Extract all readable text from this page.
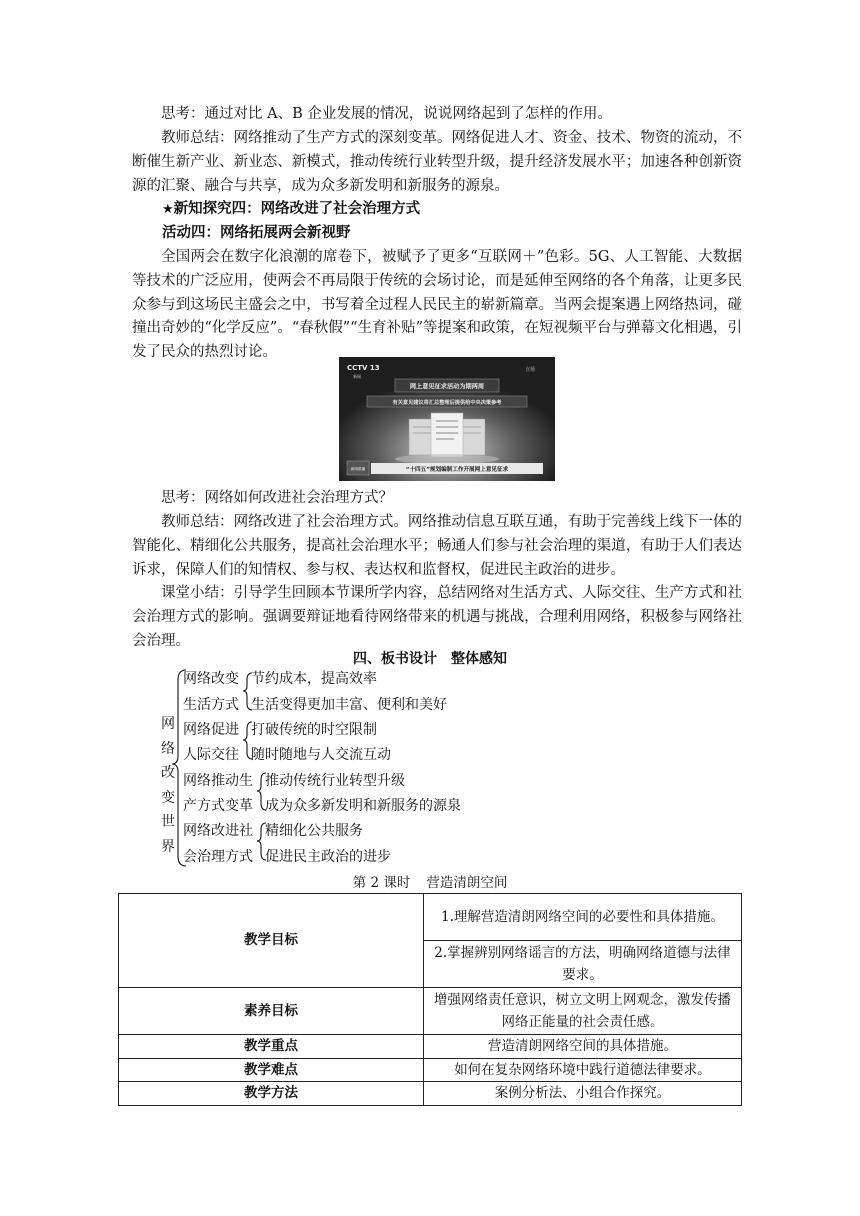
思考：通过对比 A、B 企业发展的情况，说说网络起到了怎样的作用。

教师总结：网络推动了生产方式的深刻变革。网络促进人才、资金、技术、物资的流动，不断催生新产业、新业态、新模式，推动传统行业转型升级，提升经济发展水平；加速各种创新资源的汇聚、融合与共享，成为众多新发明和新服务的源泉。

★新知探究四：网络改进了社会治理方式

活动四：网络拓展两会新视野

全国两会在数字化浪潮的席卷下，被赋予了更多“互联网＋”色彩。5G、人工智能、大数据等技术的广泛应用，使两会不再局限于传统的会场讨论，而是延伸至网络的各个角落，让更多民众参与到这场民主盛会之中，书写着全过程人民民主的崭新篇章。当两会提案遇上网络热词，碰撞出奇妙的“化学反应”。“春秋假”“生育补贴”等提案和政策，在短视频平台与弹幕文化相遇，引发了民众的热烈讨论。

CCTV 13
新闻
直播
网上意见征求活动为期两周
有关意见建议将汇总整理后提供给中央决策参考
新闻联播	“十四五”规划编制工作开展网上意见征求

思考：网络如何改进社会治理方式？

教师总结：网络改进了社会治理方式。网络推动信息互联互通，有助于完善线上线下一体的智能化、精细化公共服务，提高社会治理水平；畅通人们参与社会治理的渠道，有助于人们表达诉求，保障人们的知情权、参与权、表达权和监督权，促进民主政治的进步。

课堂小结：引导学生回顾本节课所学内容，总结网络对生活方式、人际交往、生产方式和社会治理方式的影响。强调要辩证地看待网络带来的机遇与挑战，合理利用网络，积极参与网络社会治理。

四、板书设计 整体感知
网
络
改
变
世
界
网络改变
生活方式
节约成本，提高效率
生活变得更加丰富、便利和美好
网络促进
人际交往
打破传统的时空限制
随时随地与人交流互动
网络推动生
产方式变革
推动传统行业转型升级
成为众多新发明和新服务的源泉
网络改进社
会治理方式
精细化公共服务
促进民主政治的进步
第 2 课时 营造清朗空间
教学目标	1.理解营造清朗网络空间的必要性和具体措施。
	2.掌握辨别网络谣言的方法，明确网络道德与法律要求。
素养目标	增强网络责任意识，树立文明上网观念，激发传播网络正能量的社会责任感。
教学重点	营造清朗网络空间的具体措施。
教学难点	如何在复杂网络环境中践行道德法律要求。
教学方法	案例分析法、小组合作探究。
